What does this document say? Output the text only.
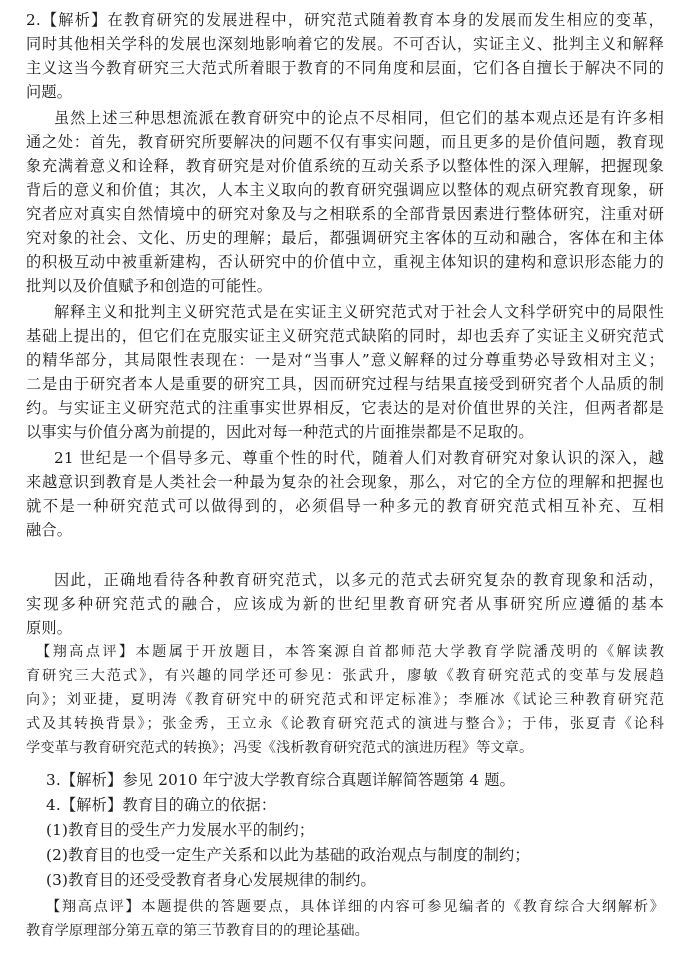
2.【解析】在教育研究的发展进程中，研究范式随着教育本身的发展而发生相应的变革，
同时其他相关学科的发展也深刻地影响着它的发展。不可否认，实证主义、批判主义和解释
主义这当今教育研究三大范式所着眼于教育的不同角度和层面，它们各自擅长于解决不同的
问题。
虽然上述三种思想流派在教育研究中的论点不尽相同，但它们的基本观点还是有许多相
通之处：首先，教育研究所要解决的问题不仅有事实问题，而且更多的是价值问题，教育现
象充满着意义和诠释，教育研究是对价值系统的互动关系予以整体性的深入理解，把握现象
背后的意义和价值；其次，人本主义取向的教育研究强调应以整体的观点研究教育现象，研
究者应对真实自然情境中的研究对象及与之相联系的全部背景因素进行整体研究，注重对研
究对象的社会、文化、历史的理解；最后，都强调研究主客体的互动和融合，客体在和主体
的积极互动中被重新建构，否认研究中的价值中立，重视主体知识的建构和意识形态能力的
批判以及价值赋予和创造的可能性。
解释主义和批判主义研究范式是在实证主义研究范式对于社会人文科学研究中的局限性
基础上提出的，但它们在克服实证主义研究范式缺陷的同时，却也丢弃了实证主义研究范式
的精华部分，其局限性表现在：一是对“当事人”意义解释的过分尊重势必导致相对主义；
二是由于研究者本人是重要的研究工具，因而研究过程与结果直接受到研究者个人品质的制
约。与实证主义研究范式的注重事实世界相反，它表达的是对价值世界的关注，但两者都是
以事实与价值分离为前提的，因此对每一种范式的片面推崇都是不足取的。
21 世纪是一个倡导多元、尊重个性的时代，随着人们对教育研究对象认识的深入，越
来越意识到教育是人类社会一种最为复杂的社会现象，那么，对它的全方位的理解和把握也
就不是一种研究范式可以做得到的，必须倡导一种多元的教育研究范式相互补充、互相
融合。
因此，正确地看待各种教育研究范式，以多元的范式去研究复杂的教育现象和活动，
实现多种研究范式的融合，应该成为新的世纪里教育研究者从事研究所应遵循的基本
原则。
【翔高点评】本题属于开放题目，本答案源自首都师范大学教育学院潘茂明的《解读教
育研究三大范式》，有兴趣的同学还可参见：张武升，廖敏《教育研究范式的变革与发展趋
向》；刘亚捷，夏明涛《教育研究中的研究范式和评定标准》；李雁冰《试论三种教育研究范
式及其转换背景》；张金秀，王立永《论教育研究范式的演进与整合》；于伟，张夏青《论科
学变革与教育研究范式的转换》；冯雯《浅析教育研究范式的演进历程》等文章。
3.【解析】参见 2010 年宁波大学教育综合真题详解简答题第 4 题。
4.【解析】教育目的确立的依据：
(1)教育目的受生产力发展水平的制约；
(2)教育目的也受一定生产关系和以此为基础的政治观点与制度的制约；
(3)教育目的还受受教育者身心发展规律的制约。
【翔高点评】本题提供的答题要点，具体详细的内容可参见编者的《教育综合大纲解析》
教育学原理部分第五章的第三节教育目的的理论基础。
